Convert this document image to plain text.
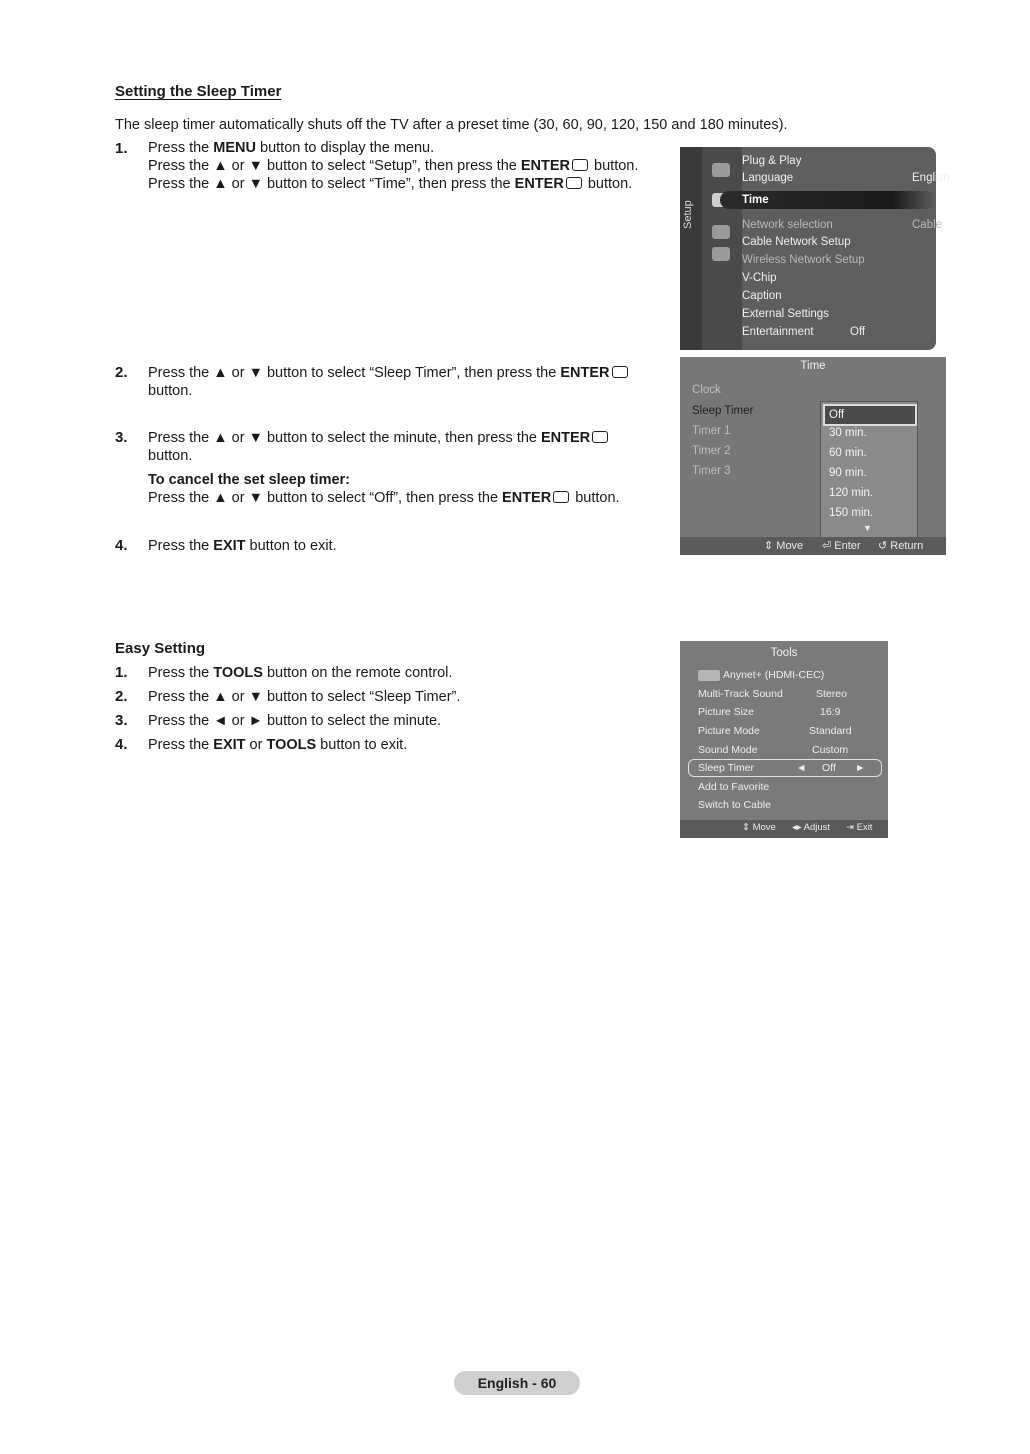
Setting the Sleep Timer
The sleep timer automatically shuts off the TV after a preset time (30, 60, 90, 120, 150 and 180 minutes).
1.	Press the MENU button to display the menu.
Press the ▲ or ▼ button to select “Setup”, then press the ENTER button.
Press the ▲ or ▼ button to select “Time”, then press the ENTER button.
2.	Press the ▲ or ▼ button to select “Sleep Timer”, then press the ENTER
button.
3.	Press the ▲ or ▼ button to select the minute, then press the ENTER
button.
To cancel the set sleep timer:
Press the ▲ or ▼ button to select “Off”, then press the ENTER button.
4.	Press the EXIT button to exit.
Setup
Plug & Play
Language	English
Time
Network selection	Cable
Cable Network Setup
Wireless Network Setup
V-Chip
Caption
External Settings
Entertainment	Off
Time
Clock
Sleep Timer
Timer 1
Timer 2
Timer 3
Off
30 min.
60 min.
90 min.
120 min.
150 min.
▼
⇕ Move ⏎ Enter ↺ Return
Easy Setting
1.	Press the TOOLS button on the remote control.
2.	Press the ▲ or ▼ button to select “Sleep Timer”.
3.	Press the ◄ or ► button to select the minute.
4.	Press the EXIT or TOOLS button to exit.
Tools
Anynet+ (HDMI-CEC)
Multi-Track Sound	Stereo
Picture Size	16:9
Picture Mode	Standard
Sound Mode	Custom
Sleep Timer	◄ Off ►
Add to Favorite
Switch to Cable
⇕ Move ◂▸ Adjust ⇥ Exit
English - 60
